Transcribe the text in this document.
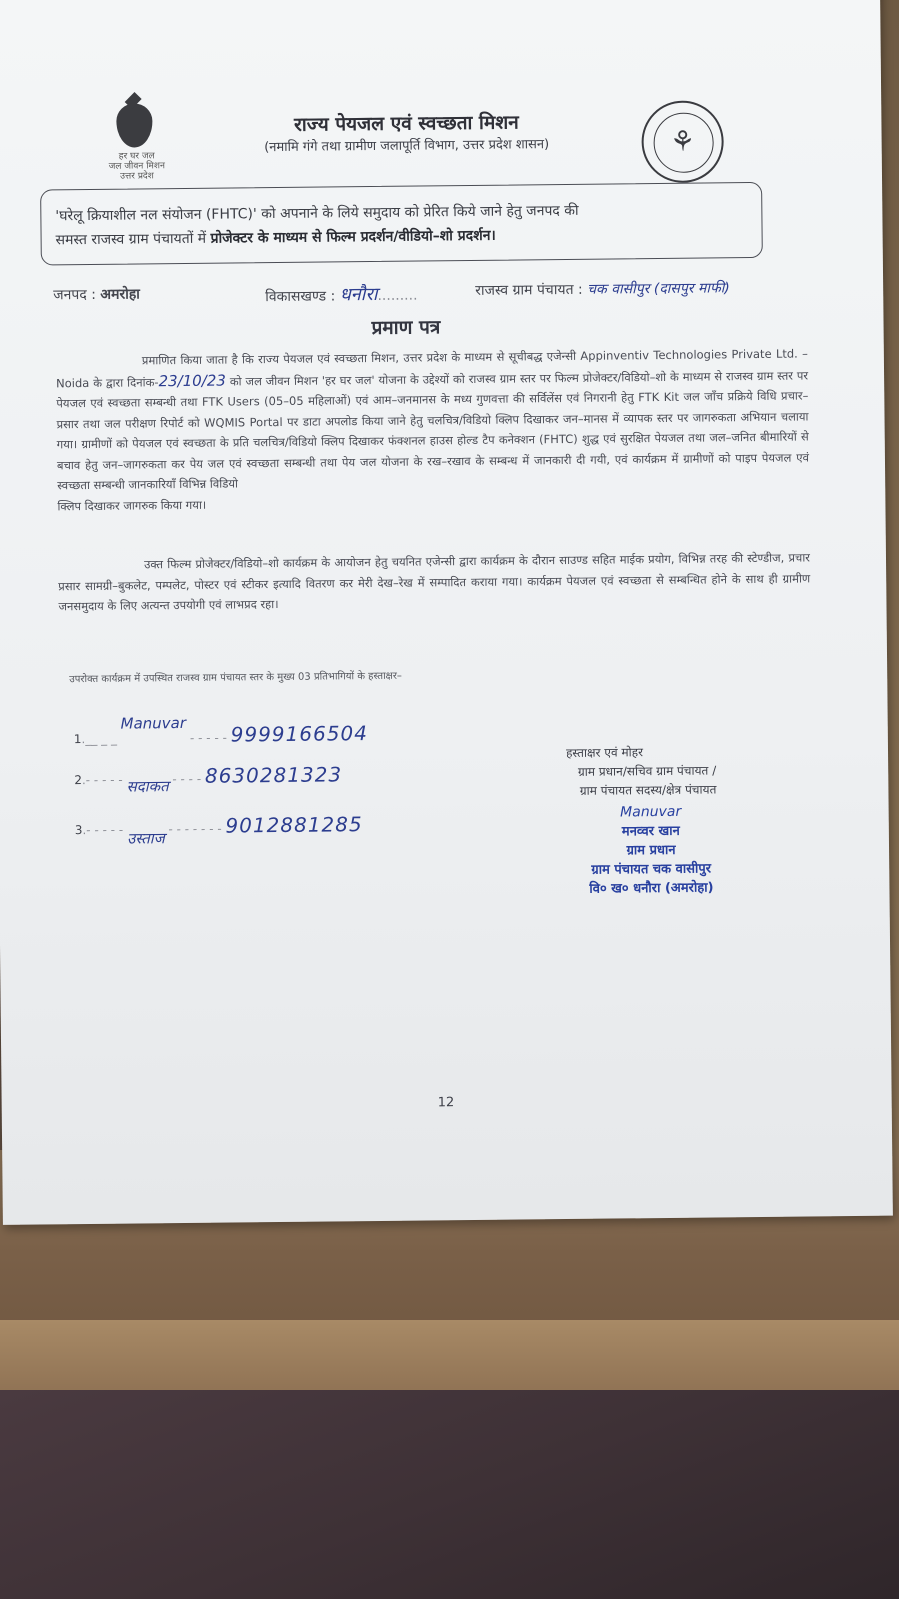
हर घर जल
जल जीवन मिशन
उत्तर प्रदेश
राज्य पेयजल एवं स्वच्छता मिशन
(नमामि गंगे तथा ग्रामीण जलापूर्ति विभाग, उत्तर प्रदेश शासन)	⚘
'घरेलू क्रियाशील नल संयोजन (FHTC)' को अपनाने के लिये समुदाय को प्रेरित किये जाने हेतु जनपद की
समस्त राजस्व ग्राम पंचायतों में प्रोजेक्टर के माध्यम से फिल्म प्रदर्शन/वीडियो–शो प्रदर्शन।
जनपद : अमरोहा	विकासखण्ड : धनौरा.........	राजस्व ग्राम पंचायत : चक वासीपुर (दासपुर माफी)
प्रमाण पत्र

प्रमाणित किया जाता है कि राज्य पेयजल एवं स्वच्छता मिशन, उत्तर प्रदेश के माध्यम से सूचीबद्ध एजेन्सी Appinventiv Technologies Private Ltd. – Noida के द्वारा दिनांक-23/10/23 को जल जीवन मिशन 'हर घर जल' योजना के उद्देश्यों को राजस्व ग्राम स्तर पर फिल्म प्रोजेक्टर/विडियो–शो के माध्यम से राजस्व ग्राम स्तर पर पेयजल एवं स्वच्छता सम्बन्धी तथा FTK Users (05–05 महिलाओं) एवं आम–जनमानस के मध्य गुणवत्ता की सर्विलेंस एवं निगरानी हेतु FTK Kit जल जाँच प्रक्रिये विधि प्रचार–प्रसार तथा जल परीक्षण रिपोर्ट को WQMIS Portal पर डाटा अपलोड किया जाने हेतु चलचित्र/विडियो क्लिप दिखाकर जन–मानस में व्यापक स्तर पर जागरुकता अभियान चलाया गया। ग्रामीणों को पेयजल एवं स्वच्छता के प्रति चलचित्र/विडियो क्लिप दिखाकर फंक्शनल हाउस होल्ड टैप कनेक्शन (FHTC) शुद्ध एवं सुरक्षित पेयजल तथा जल–जनित बीमारियों से बचाव हेतु जन–जागरुकता कर पेय जल एवं स्वच्छता सम्बन्धी तथा पेय जल योजना के रख–रखाव के सम्बन्ध में जानकारी दी गयी, एवं कार्यक्रम में ग्रामीणों को पाइप पेयजल एवं स्वच्छता सम्बन्धी जानकारियाँ विभिन्न विडियो

क्लिप दिखाकर जागरुक किया गया।

उक्त फिल्म प्रोजेक्टर/विडियो–शो कार्यक्रम के आयोजन हेतु चयनित एजेन्सी द्वारा कार्यक्रम के दौरान साउण्ड सहित माईक प्रयोग, विभिन्न तरह की स्टेण्डीज, प्रचार प्रसार सामग्री–बुकलेट, पम्पलेट, पोस्टर एवं स्टीकर इत्यादि वितरण कर मेरी देख–रेख में सम्पादित कराया गया। कार्यक्रम पेयजल एवं स्वच्छता से सम्बन्धित होने के साथ ही ग्रामीण जनसमुदाय के लिए अत्यन्त उपयोगी एवं लाभप्रद रहा।

उपरोक्त कार्यक्रम में उपस्थित राजस्व ग्राम पंचायत स्तर के मुख्य 03 प्रतिभागियों के हस्ताक्षर–
1.__ _ _ Manuvar - - - - - 9999166504
2.- - - - - सदाकत - - - - 8630281323
3.- - - - - उस्ताज - - - - - - - 9012881285
हस्ताक्षर एवं मोहर
ग्राम प्रधान/सचिव ग्राम पंचायत /
ग्राम पंचायत सदस्य/क्षेत्र पंचायत
Manuvar
मनव्वर खान
ग्राम प्रधान
ग्राम पंचायत चक वासीपुर
वि० ख० धनौरा (अमरोहा)
12
